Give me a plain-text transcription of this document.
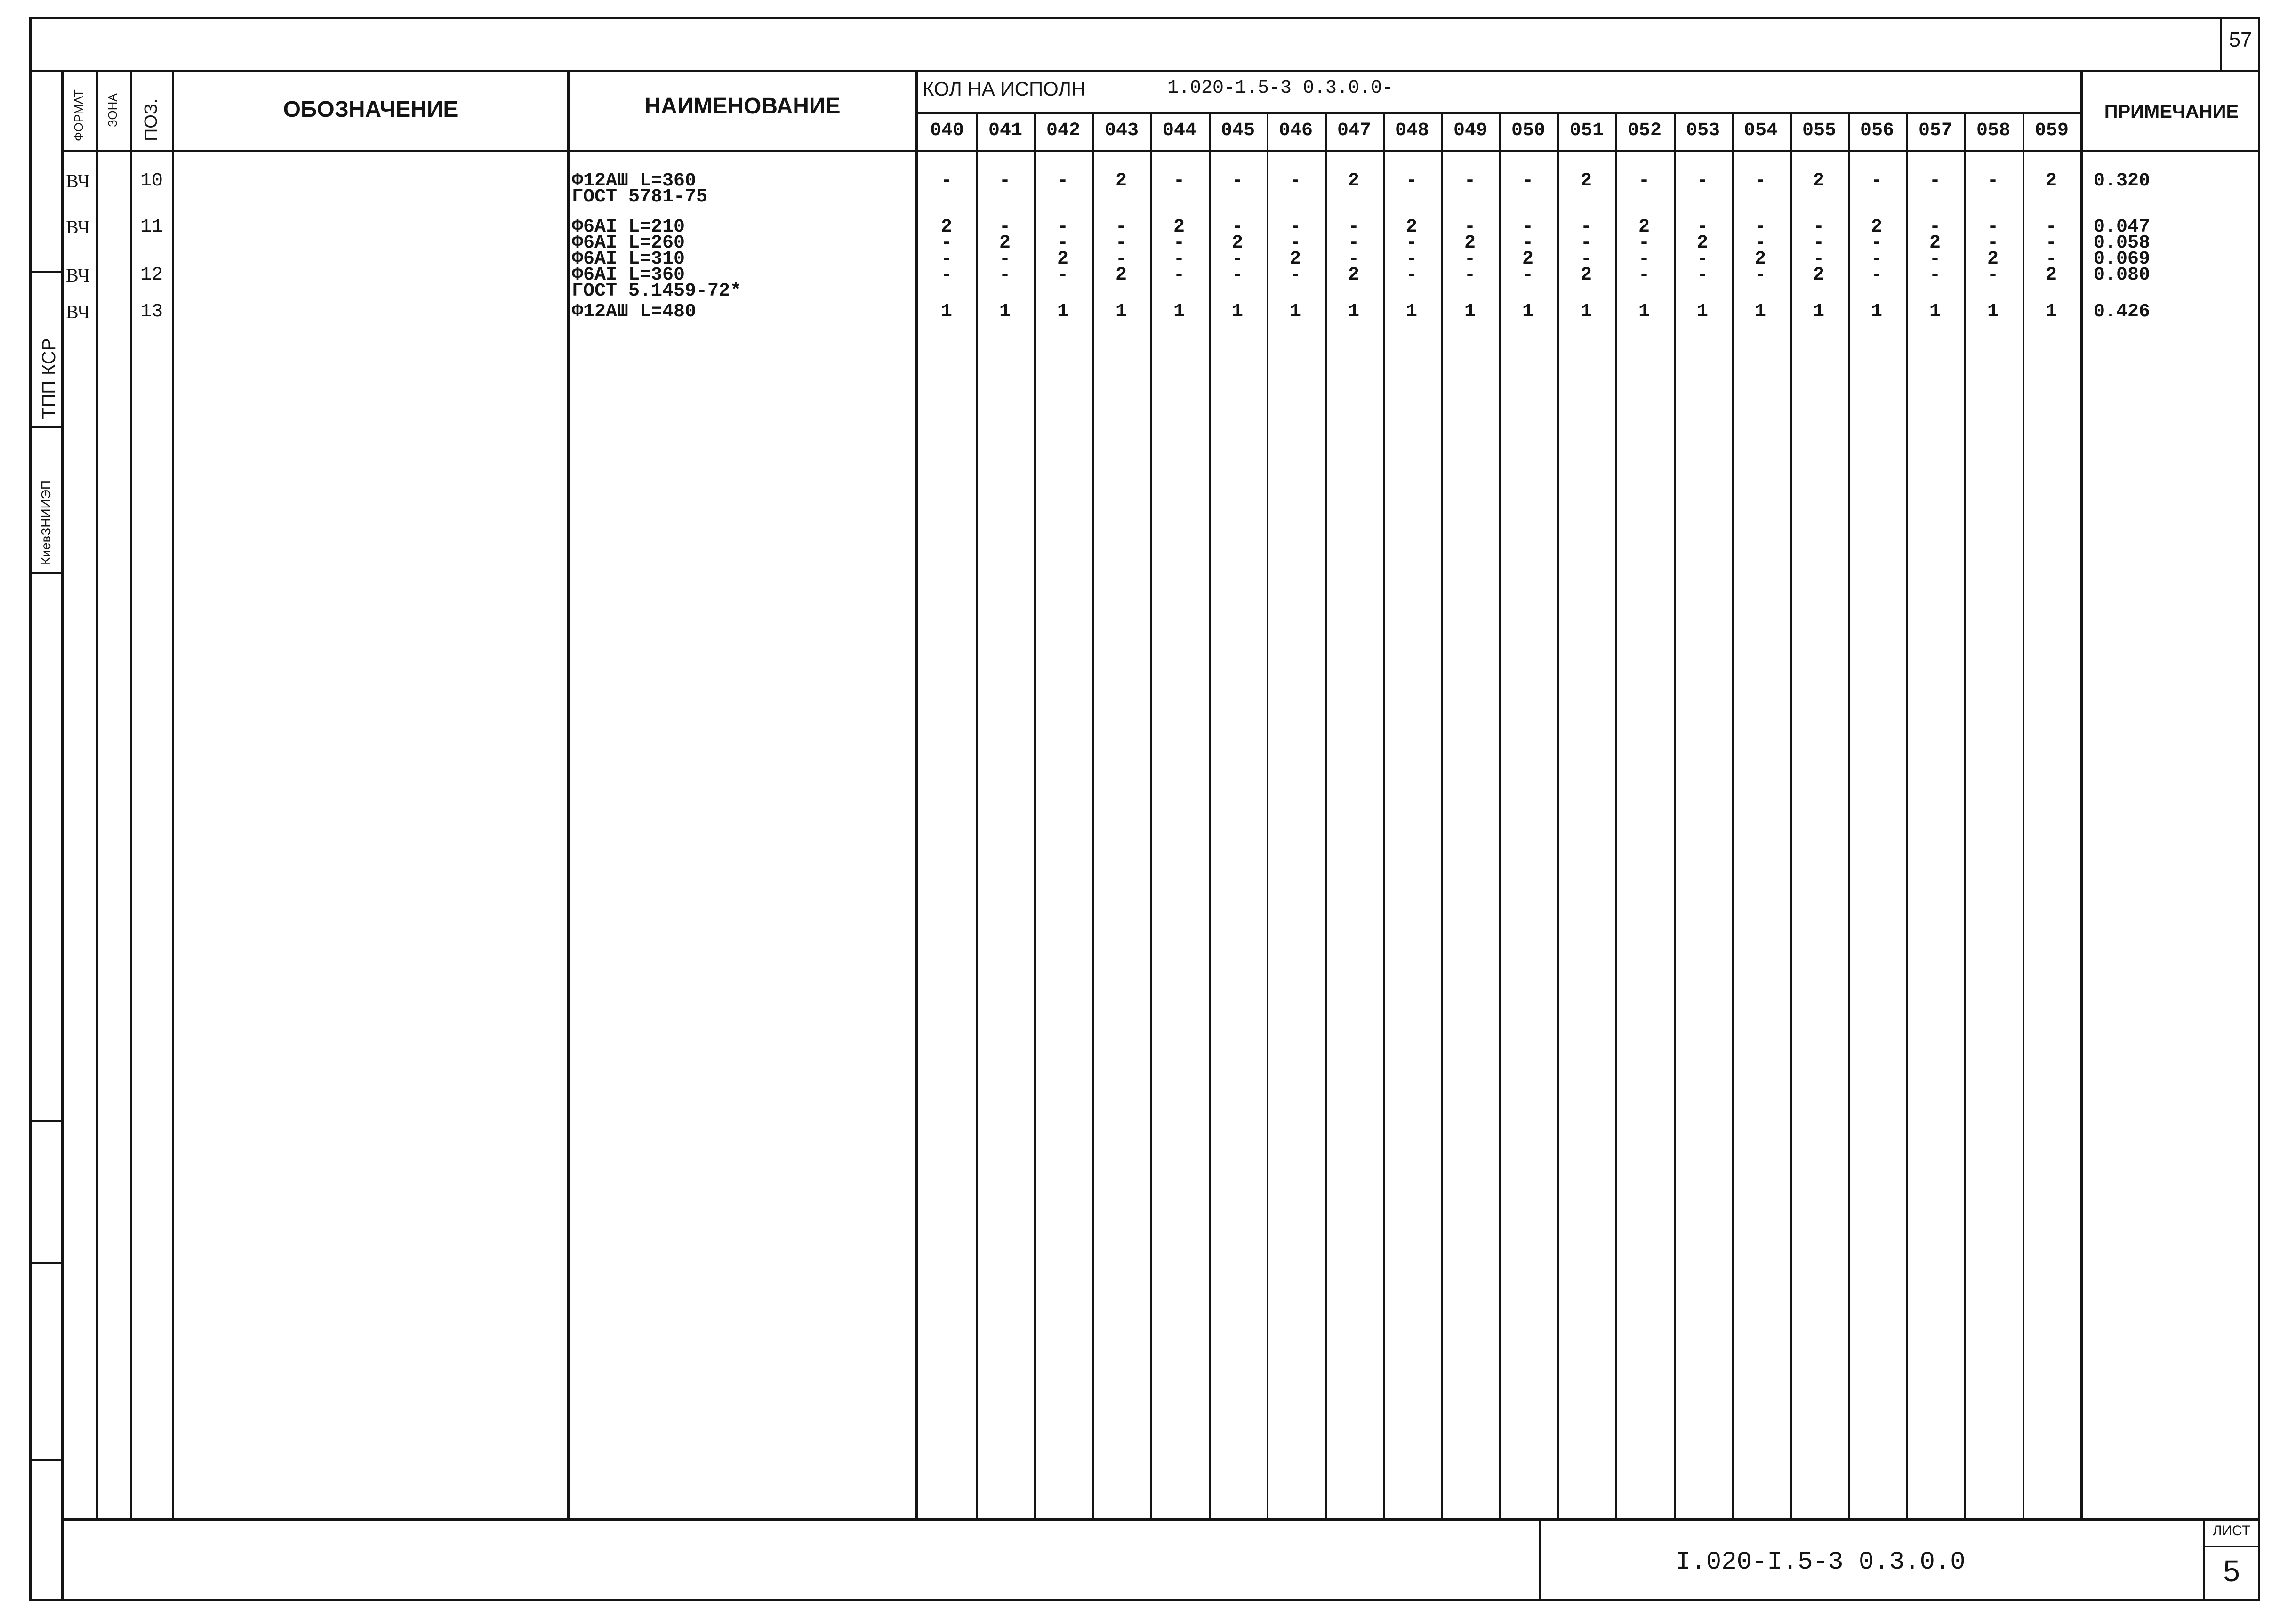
57
КиевЗНИИЭП
ТПП КСР
ФОРМАТ ЗОНА ПОЗ.	ОБОЗНАЧЕНИЕ	НАИМЕНОВАНИЕ
КОЛ НА ИСПОЛН	1.020-1.5-3 0.3.0.0-
ПРИМЕЧАНИЕ
040	041	042	043	044	045	046	047	048	049	050	051	052	053	054	055	056	057	058	059
ВЧ	10	Ф12АШ L=360	-	-	-	2	-	-	-	2	-	-	-	2	-	-	-	2	-	-	-	2	0.320
ГОСТ 5781-75
ВЧ	11	Ф6АI L=210	2	-	-	-	2	-	-	-	2	-	-	-	2	-	-	-	2	-	-	-	0.047
Ф6АI L=260	-	2	-	-	-	2	-	-	-	2	-	-	-	2	-	-	-	2	-	-	0.058
Ф6АI L=310	-	-	2	-	-	-	2	-	-	-	2	-	-	-	2	-	-	-	2	-	0.069
ВЧ	12	Ф6АI L=360	-	-	-	2	-	-	-	2	-	-	-	2	-	-	-	2	-	-	-	2	0.080
ГОСТ 5.1459-72*
ВЧ	13	Ф12АШ L=480	1	1	1	1	1	1	1	1	1	1	1	1	1	1	1	1	1	1	1	1	0.426
I.020-I.5-3 0.3.0.0
ЛИСТ
5
